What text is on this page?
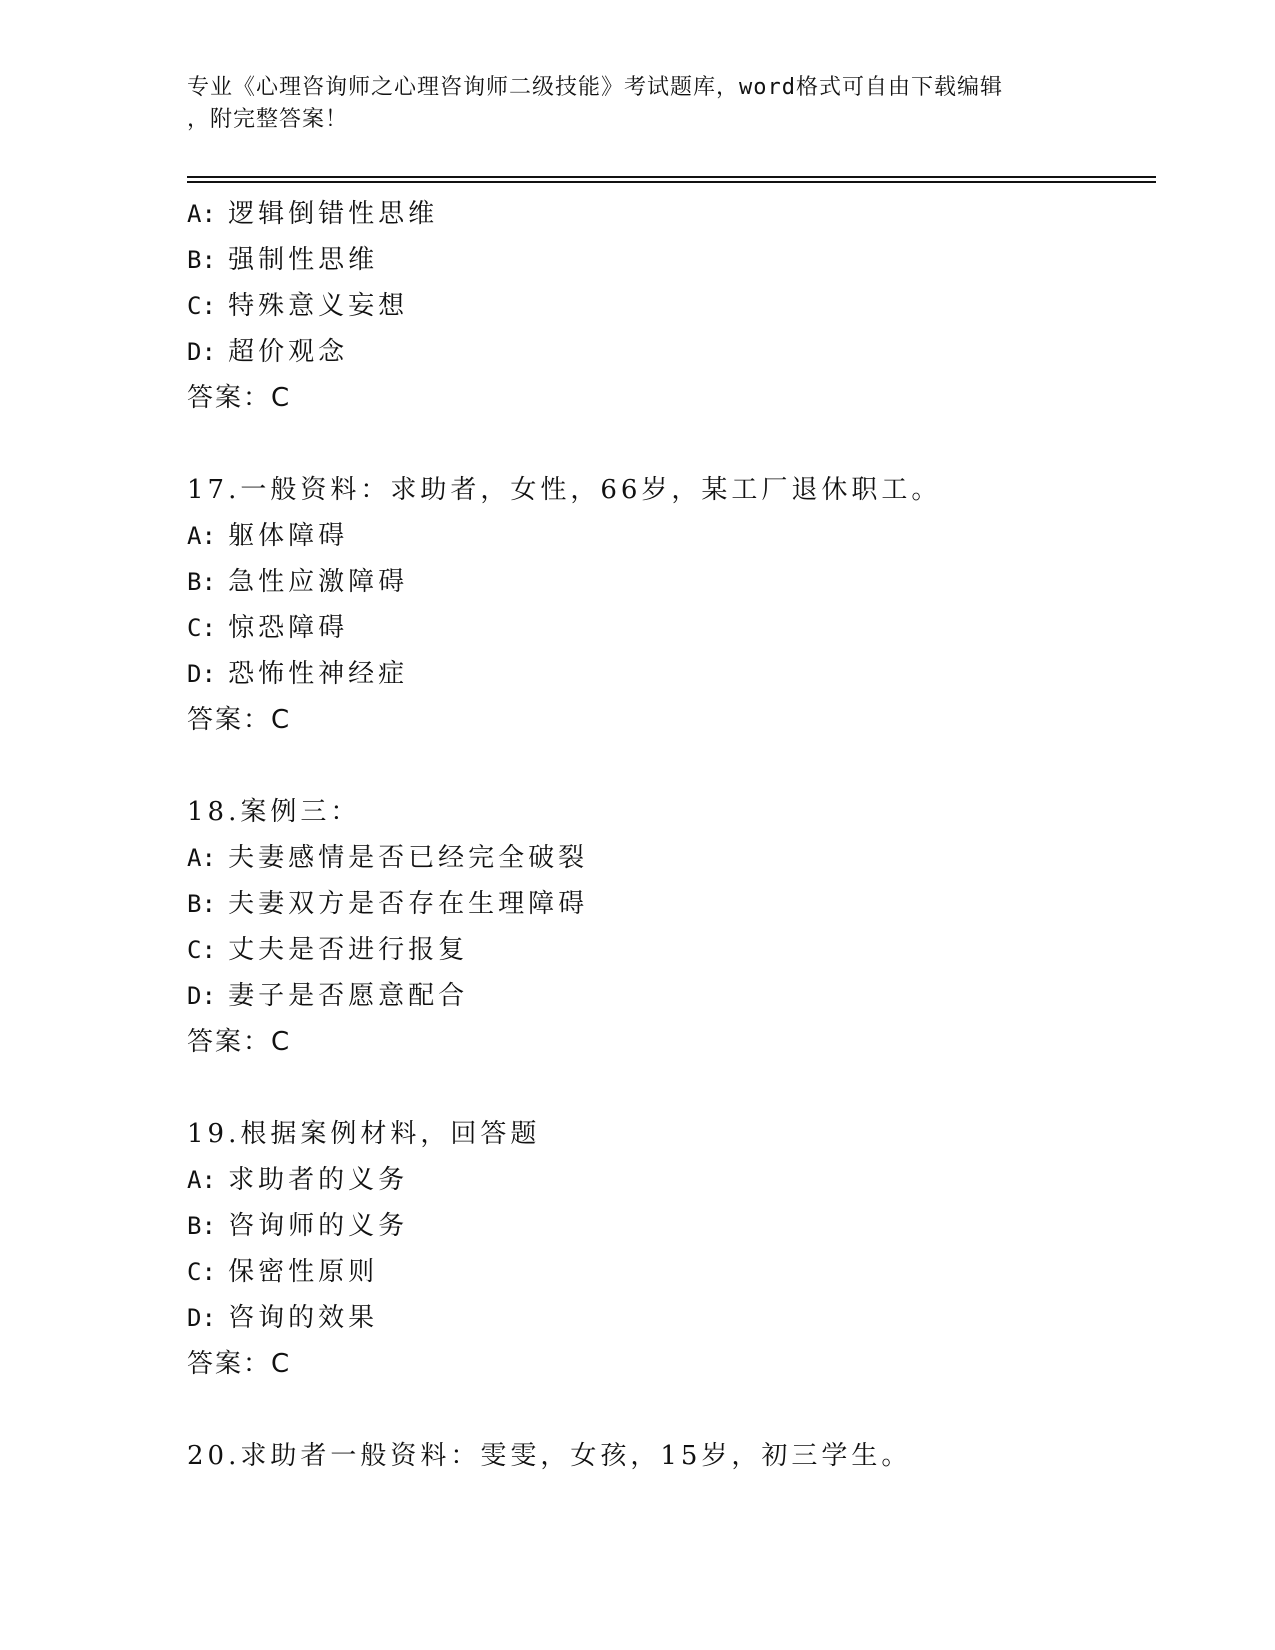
专业《心理咨询师之心理咨询师二级技能》考试题库，word格式可自由下载编辑
，附完整答案！
A: 逻辑倒错性思维
B: 强制性思维
C: 特殊意义妄想
D: 超价观念
答案：C
17.一般资料：求助者，女性，66岁，某工厂退休职工。
A: 躯体障碍
B: 急性应激障碍
C: 惊恐障碍
D: 恐怖性神经症
答案：C
18.案例三：
A: 夫妻感情是否已经完全破裂
B: 夫妻双方是否存在生理障碍
C: 丈夫是否进行报复
D: 妻子是否愿意配合
答案：C
19.根据案例材料，回答题
A: 求助者的义务
B: 咨询师的义务
C: 保密性原则
D: 咨询的效果
答案：C
20.求助者一般资料：雯雯，女孩，15岁，初三学生。
